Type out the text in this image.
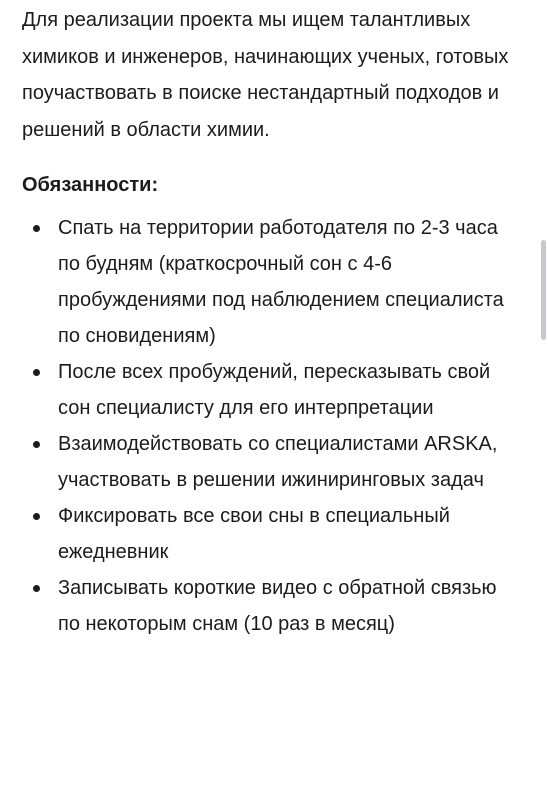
Для реализации проекта мы ищем талантливых химиков и инженеров, начинающих ученых, готовых поучаствовать в поиске нестандартный подходов и решений в области химии.

Обязанности:

Спать на территории работодателя по 2-3 часа по будням (краткосрочный сон с 4-6 пробуждениями под наблюдением специалиста по сновидениям)
После всех пробуждений, пересказывать свой сон специалисту для его интерпретации
Взаимодействовать со специалистами ARSKA, участвовать в решении ижиниринговых задач
Фиксировать все свои сны в специальный ежедневник
Записывать короткие видео с обратной связью по некоторым снам (10 раз в месяц)
